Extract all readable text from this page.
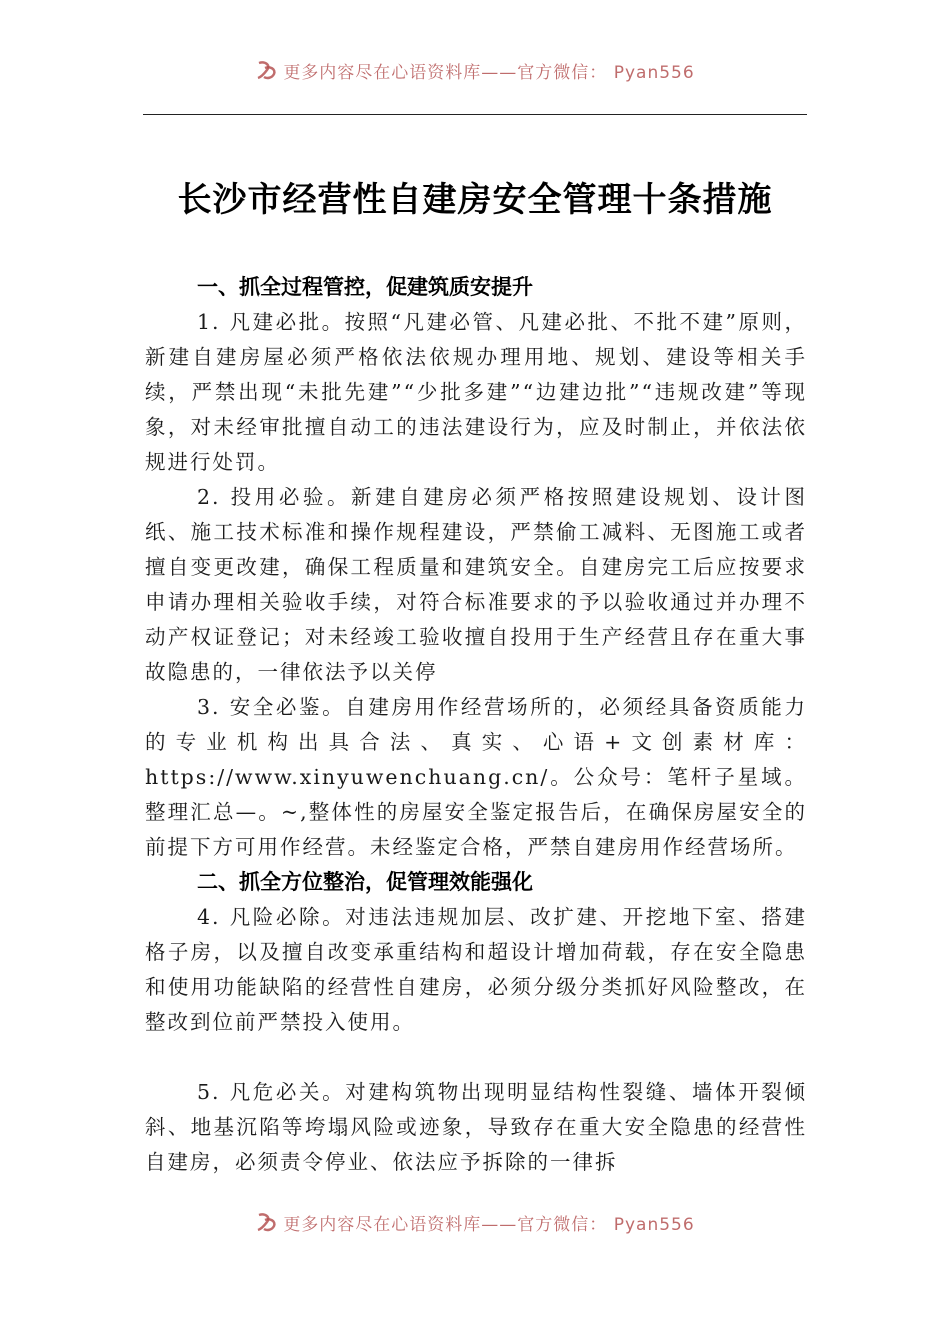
更多内容尽在心语资料库——官方微信： Pyan556
长沙市经营性自建房安全管理十条措施

一、抓全过程管控，促建筑质安提升

1. 凡建必批。按照“凡建必管、凡建必批、不批不建”原则，新建自建房屋必须严格依法依规办理用地、规划、建设等相关手续，严禁出现“未批先建”“少批多建”“边建边批”“违规改建”等现象，对未经审批擅自动工的违法建设行为，应及时制止，并依法依规进行处罚。

2. 投用必验。新建自建房必须严格按照建设规划、设计图纸、施工技术标准和操作规程建设，严禁偷工减料、无图施工或者擅自变更改建，确保工程质量和建筑安全。自建房完工后应按要求申请办理相关验收手续，对符合标准要求的予以验收通过并办理不动产权证登记；对未经竣工验收擅自投用于生产经营且存在重大事故隐患的，一律依法予以关停

3. 安全必鉴。自建房用作经营场所的，必须经具备资质能力的专业机构出具合法、真实、心语+文创素材库：https://www.xinyuwenchuang.cn/。公众号：笔杆子星域。整理汇总—。~,整体性的房屋安全鉴定报告后，在确保房屋安全的前提下方可用作经营。未经鉴定合格，严禁自建房用作经营场所。

二、抓全方位整治，促管理效能强化

4. 凡险必除。对违法违规加层、改扩建、开挖地下室、搭建格子房，以及擅自改变承重结构和超设计增加荷载，存在安全隐患和使用功能缺陷的经营性自建房，必须分级分类抓好风险整改，在整改到位前严禁投入使用。

5. 凡危必关。对建构筑物出现明显结构性裂缝、墙体开裂倾斜、地基沉陷等垮塌风险或迹象，导致存在重大安全隐患的经营性自建房，必须责令停业、依法应予拆除的一律拆

更多内容尽在心语资料库——官方微信： Pyan556
